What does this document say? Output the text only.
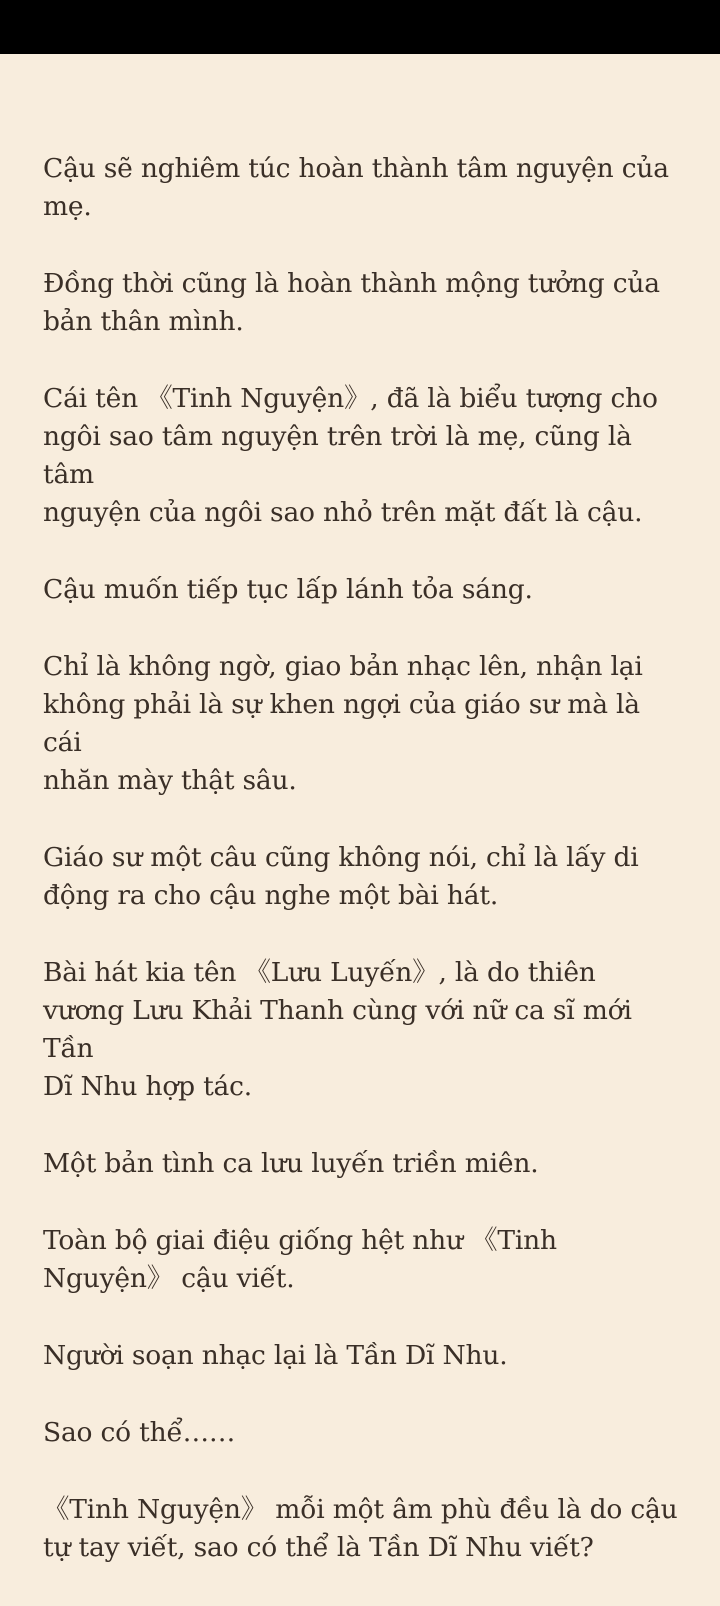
Cậu sẽ nghiêm túc hoàn thành tâm nguyện của
mẹ.

Đồng thời cũng là hoàn thành mộng tưởng của
bản thân mình.

Cái tên 《Tinh Nguyện》, đã là biểu tượng cho
ngôi sao tâm nguyện trên trời là mẹ, cũng là tâm
nguyện của ngôi sao nhỏ trên mặt đất là cậu.

Cậu muốn tiếp tục lấp lánh tỏa sáng.

Chỉ là không ngờ, giao bản nhạc lên, nhận lại
không phải là sự khen ngợi của giáo sư mà là cái
nhăn mày thật sâu.

Giáo sư một câu cũng không nói, chỉ là lấy di
động ra cho cậu nghe một bài hát.

Bài hát kia tên 《Lưu Luyến》, là do thiên
vương Lưu Khải Thanh cùng với nữ ca sĩ mới Tần
Dĩ Nhu hợp tác.

Một bản tình ca lưu luyến triền miên.

Toàn bộ giai điệu giống hệt như 《Tinh
Nguyện》 cậu viết.

Người soạn nhạc lại là Tần Dĩ Nhu.

Sao có thể……

《Tinh Nguyện》 mỗi một âm phù đều là do cậu
tự tay viết, sao có thể là Tần Dĩ Nhu viết?
